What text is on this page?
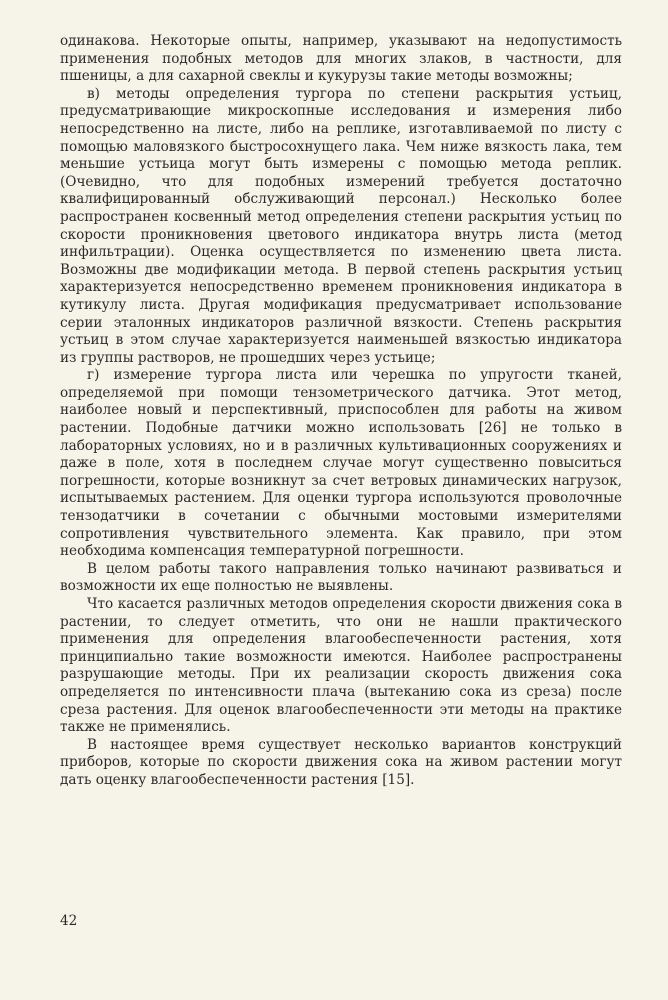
одинакова. Некоторые опыты, например, указывают на недопустимость применения подобных методов для многих злаков, в частности, для пшеницы, а для сахарной свеклы и кукурузы такие методы возможны;

в) методы определения тургора по степени раскрытия устьиц, предусматривающие микроскопные исследования и измерения либо непосредственно на листе, либо на реплике, изготавливаемой по листу с помощью маловязкого быстросохнущего лака. Чем ниже вязкость лака, тем меньшие устьица могут быть измерены с помощью метода реплик. (Очевидно, что для подобных измерений требуется достаточно квалифицированный обслуживающий персонал.) Несколько более распространен косвенный метод определения степени раскрытия устьиц по скорости проникновения цветового индикатора внутрь листа (метод инфильтрации). Оценка осуществляется по изменению цвета листа. Возможны две модификации метода. В первой степень раскрытия устьиц характеризуется непосредственно временем проникновения индикатора в кутикулу листа. Другая модификация предусматривает использование серии эталонных индикаторов различной вязкости. Степень раскрытия устьиц в этом случае характеризуется наименьшей вязкостью индикатора из группы растворов, не прошедших через устьице;

г) измерение тургора листа или черешка по упругости тканей, определяемой при помощи тензометрического датчика. Этот метод, наиболее новый и перспективный, приспособлен для работы на живом растении. Подобные датчики можно использовать [26] не только в лабораторных условиях, но и в различных культивационных сооружениях и даже в поле, хотя в последнем случае могут существенно повыситься погрешности, которые возникнут за счет ветровых динамических нагрузок, испытываемых растением. Для оценки тургора используются проволочные тензодатчики в сочетании с обычными мостовыми измерителями сопротивления чувствительного элемента. Как правило, при этом необходима компенсация температурной погрешности.

В целом работы такого направления только начинают развиваться и возможности их еще полностью не выявлены.

Что касается различных методов определения скорости движения сока в растении, то следует отметить, что они не нашли практического применения для определения влагообеспеченности растения, хотя принципиально такие возможности имеются. Наиболее распространены разрушающие методы. При их реализации скорость движения сока определяется по интенсивности плача (вытеканию сока из среза) после среза растения. Для оценок влагообеспеченности эти методы на практике также не применялись.

В настоящее время существует несколько вариантов конструкций приборов, которые по скорости движения сока на живом растении могут дать оценку влагообеспеченности растения [15].

42
